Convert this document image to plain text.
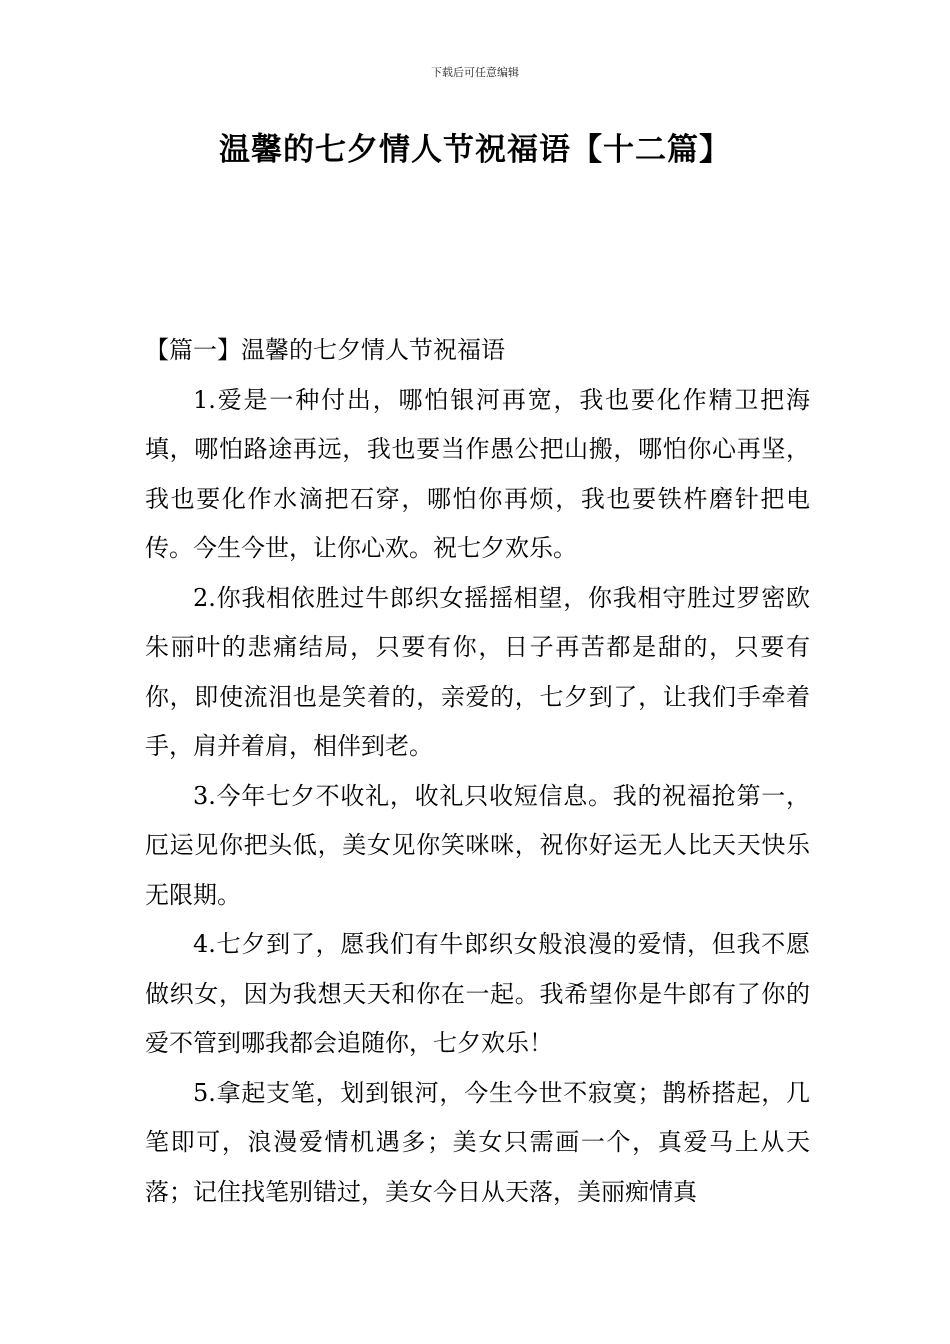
下载后可任意编辑
温馨的七夕情人节祝福语【十二篇】
【篇一】温馨的七夕情人节祝福语

1.爱是一种付出，哪怕银河再宽，我也要化作精卫把海填，哪怕路途再远，我也要当作愚公把山搬，哪怕你心再坚，我也要化作水滴把石穿，哪怕你再烦，我也要铁杵磨针把电传。今生今世，让你心欢。祝七夕欢乐。

2.你我相依胜过牛郎织女摇摇相望，你我相守胜过罗密欧朱丽叶的悲痛结局，只要有你，日子再苦都是甜的，只要有你，即使流泪也是笑着的，亲爱的，七夕到了，让我们手牵着手，肩并着肩，相伴到老。

3.今年七夕不收礼，收礼只收短信息。我的祝福抢第一，厄运见你把头低，美女见你笑咪咪，祝你好运无人比天天快乐无限期。

4.七夕到了，愿我们有牛郎织女般浪漫的爱情，但我不愿做织女，因为我想天天和你在一起。我希望你是牛郎有了你的爱不管到哪我都会追随你，七夕欢乐！

5.拿起支笔，划到银河，今生今世不寂寞；鹊桥搭起，几笔即可，浪漫爱情机遇多；美女只需画一个，真爱马上从天落；记住找笔别错过，美女今日从天落，美丽痴情真
